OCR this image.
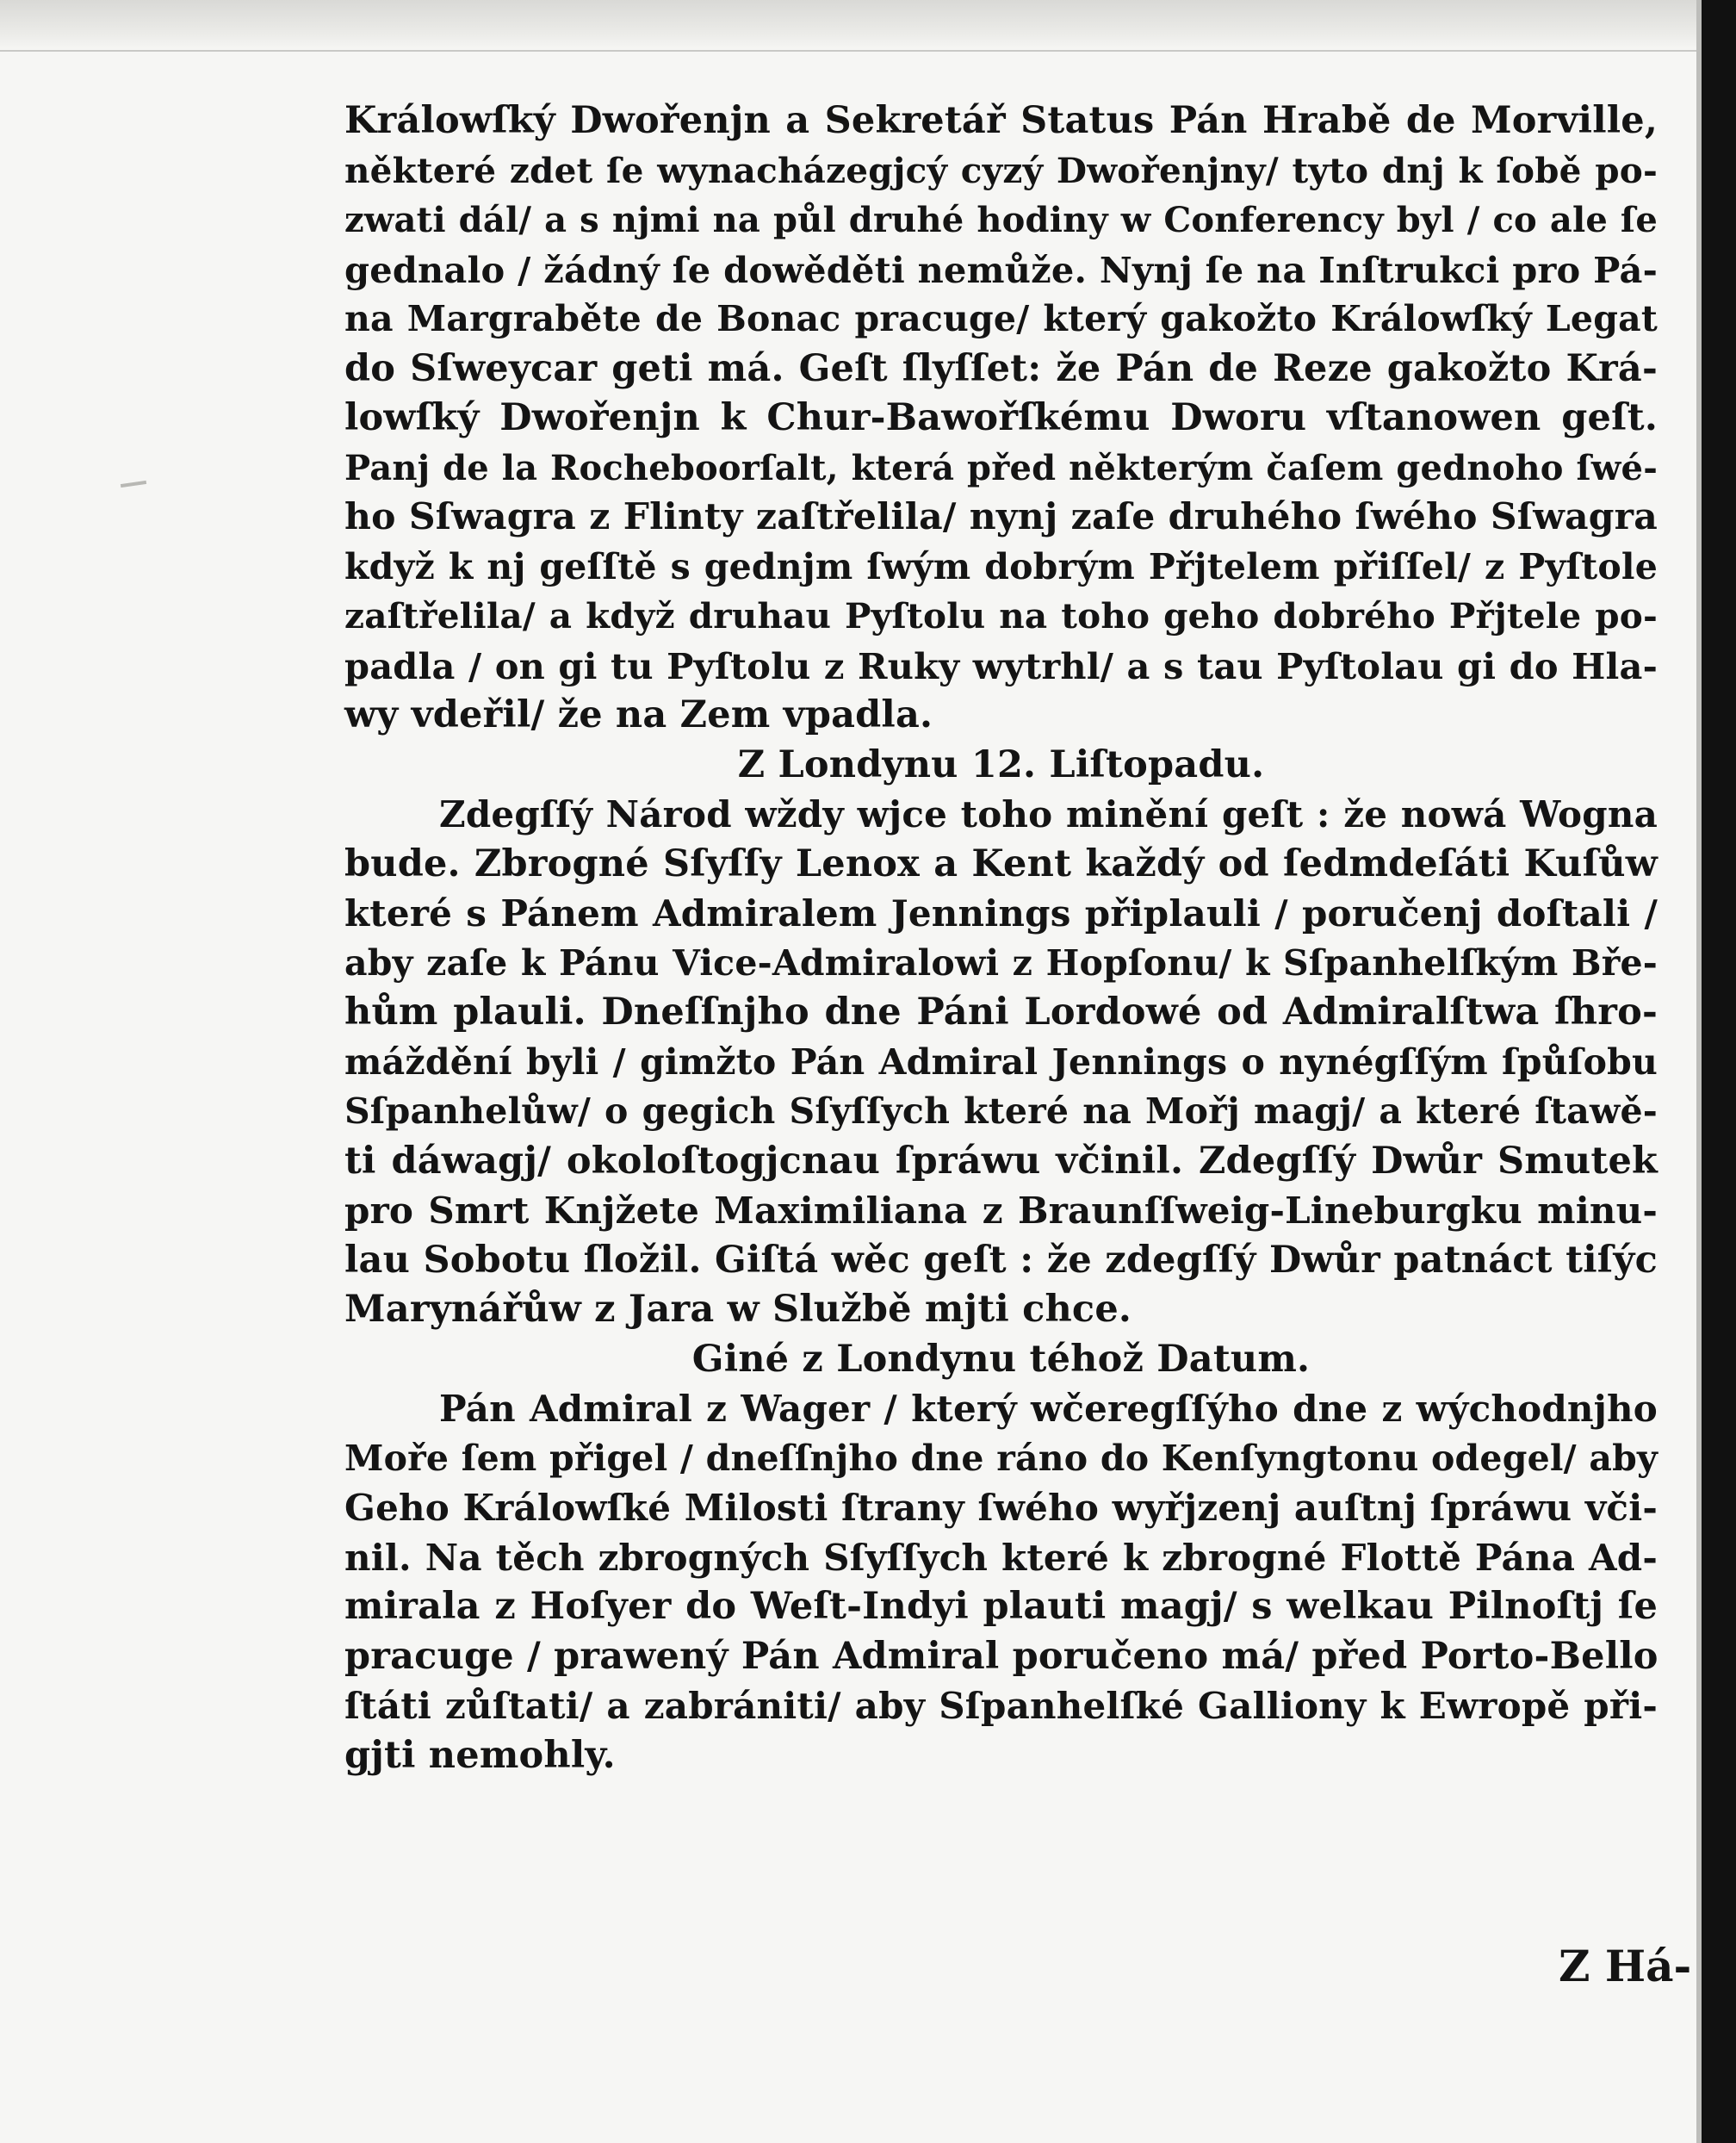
Králowſký Dwořenjn a Sekretář Status Pán Hrabě de Morville,
některé zdet ſe wynacházegjcý cyzý Dwořenjny/ tyto dnj k ſobě po-
zwati dál/ a s njmi na půl druhé hodiny w Conferency byl / co ale ſe
gednalo / žádný ſe dowěděti nemůže. Nynj ſe na Inſtrukci pro Pá-
na Margraběte de Bonac pracuge/ který gakožto Králowſký Legat
do Sſweycar geti má. Geſt ſlyſſet: že Pán de Reze gakožto Krá-
lowſký Dwořenjn k Chur-Bawořſkému Dworu vſtanowen geſt.
Panj de la Rocheboorſalt, která před některým čaſem gednoho ſwé-
ho Sſwagra z Flinty zaſtřelila/ nynj zaſe druhého ſwého Sſwagra
když k nj geſſtě s gednjm ſwým dobrým Přjtelem přiſſel/ z Pyſtole
zaſtřelila/ a když druhau Pyſtolu na toho geho dobrého Přjtele po-
padla / on gi tu Pyſtolu z Ruky wytrhl/ a s tau Pyſtolau gi do Hla-
wy vdeřil/ že na Zem vpadla.
Z Londynu 12. Liſtopadu.
Zdegſſý Národ wždy wjce toho minění geſt : že nowá Wogna
bude. Zbrogné Sſyſſy Lenox a Kent každý od ſedmdeſáti Kuſůw
které s Pánem Admiralem Jennings připlauli / poručenj doſtali /
aby zaſe k Pánu Vice-Admiralowi z Hopſonu/ k Sſpanhelſkým Bře-
hům plauli. Dneſſnjho dne Páni Lordowé od Admiralſtwa ſhro-
máždění byli / gimžto Pán Admiral Jennings o nynégſſým ſpůſobu
Sſpanhelůw/ o gegich Sſyſſych které na Mořj magj/ a které ſtawě-
ti dáwagj/ okoloſtogjcnau ſpráwu včinil. Zdegſſý Dwůr Smutek
pro Smrt Knjžete Maximiliana z Braunſſweig-Lineburgku minu-
lau Sobotu ſložil. Giſtá wěc geſt : že zdegſſý Dwůr patnáct tiſýc
Marynářůw z Jara w Službě mjti chce.
Giné z Londynu téhož Datum.
Pán Admiral z Wager / který wčeregſſýho dne z wýchodnjho
Moře ſem přigel / dneſſnjho dne ráno do Kenſyngtonu odegel/ aby
Geho Králowſké Milosti ſtrany ſwého wyřjzenj auſtnj ſpráwu vči-
nil. Na těch zbrogných Sſyſſych které k zbrogné Flottě Pána Ad-
mirala z Hoſyer do Weſt-Indyi plauti magj/ s welkau Pilnoſtj ſe
pracuge / prawený Pán Admiral poručeno má/ před Porto-Bello
ſtáti zůſtati/ a zabrániti/ aby Sſpanhelſké Galliony k Ewropě při-
gjti nemohly.
Z Há-
